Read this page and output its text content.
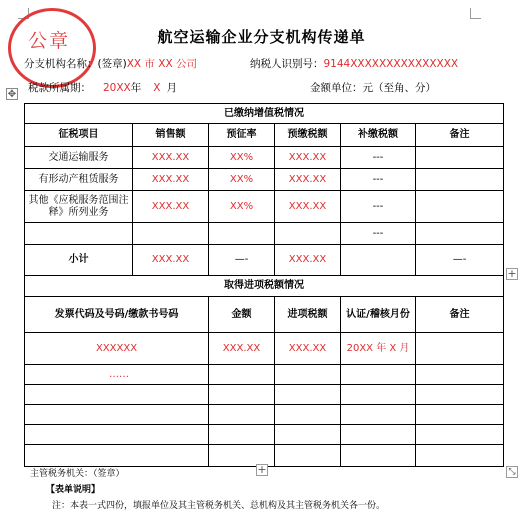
航空运输企业分支机构传递单
公章
分支机构名称：(签章)XX 市 XX 公司	纳税人识别号：9144XXXXXXXXXXXXXXX
税款所属期： 20XX年 X 月	金额单位：元（至角、分）
✥
已缴纳增值税情况					
征税项目	销售额	预征率	预缴税额	补缴税额	备注
交通运输服务	XXX.XX	XX%	XXX.XX	---	
有形动产租赁服务	XXX.XX	XX%	XXX.XX	---	
其他《应税服务范围注释》所列业务	XXX.XX	XX%	XXX.XX	---	
				---	
小计	XXX.XX	—-	XXX.XX		—-
取得进项税额情况					
发票代码及号码/缴款书号码		金额	进项税额	认证/稽核月份	备注
XXXXXX		XXX.XX	XXX.XX	20XX 年 X 月	
……					

+
+	⤡
主管税务机关：（签章）
【表单说明】
注：本表一式四份，填报单位及其主管税务机关、总机构及其主管税务机关各一份。
